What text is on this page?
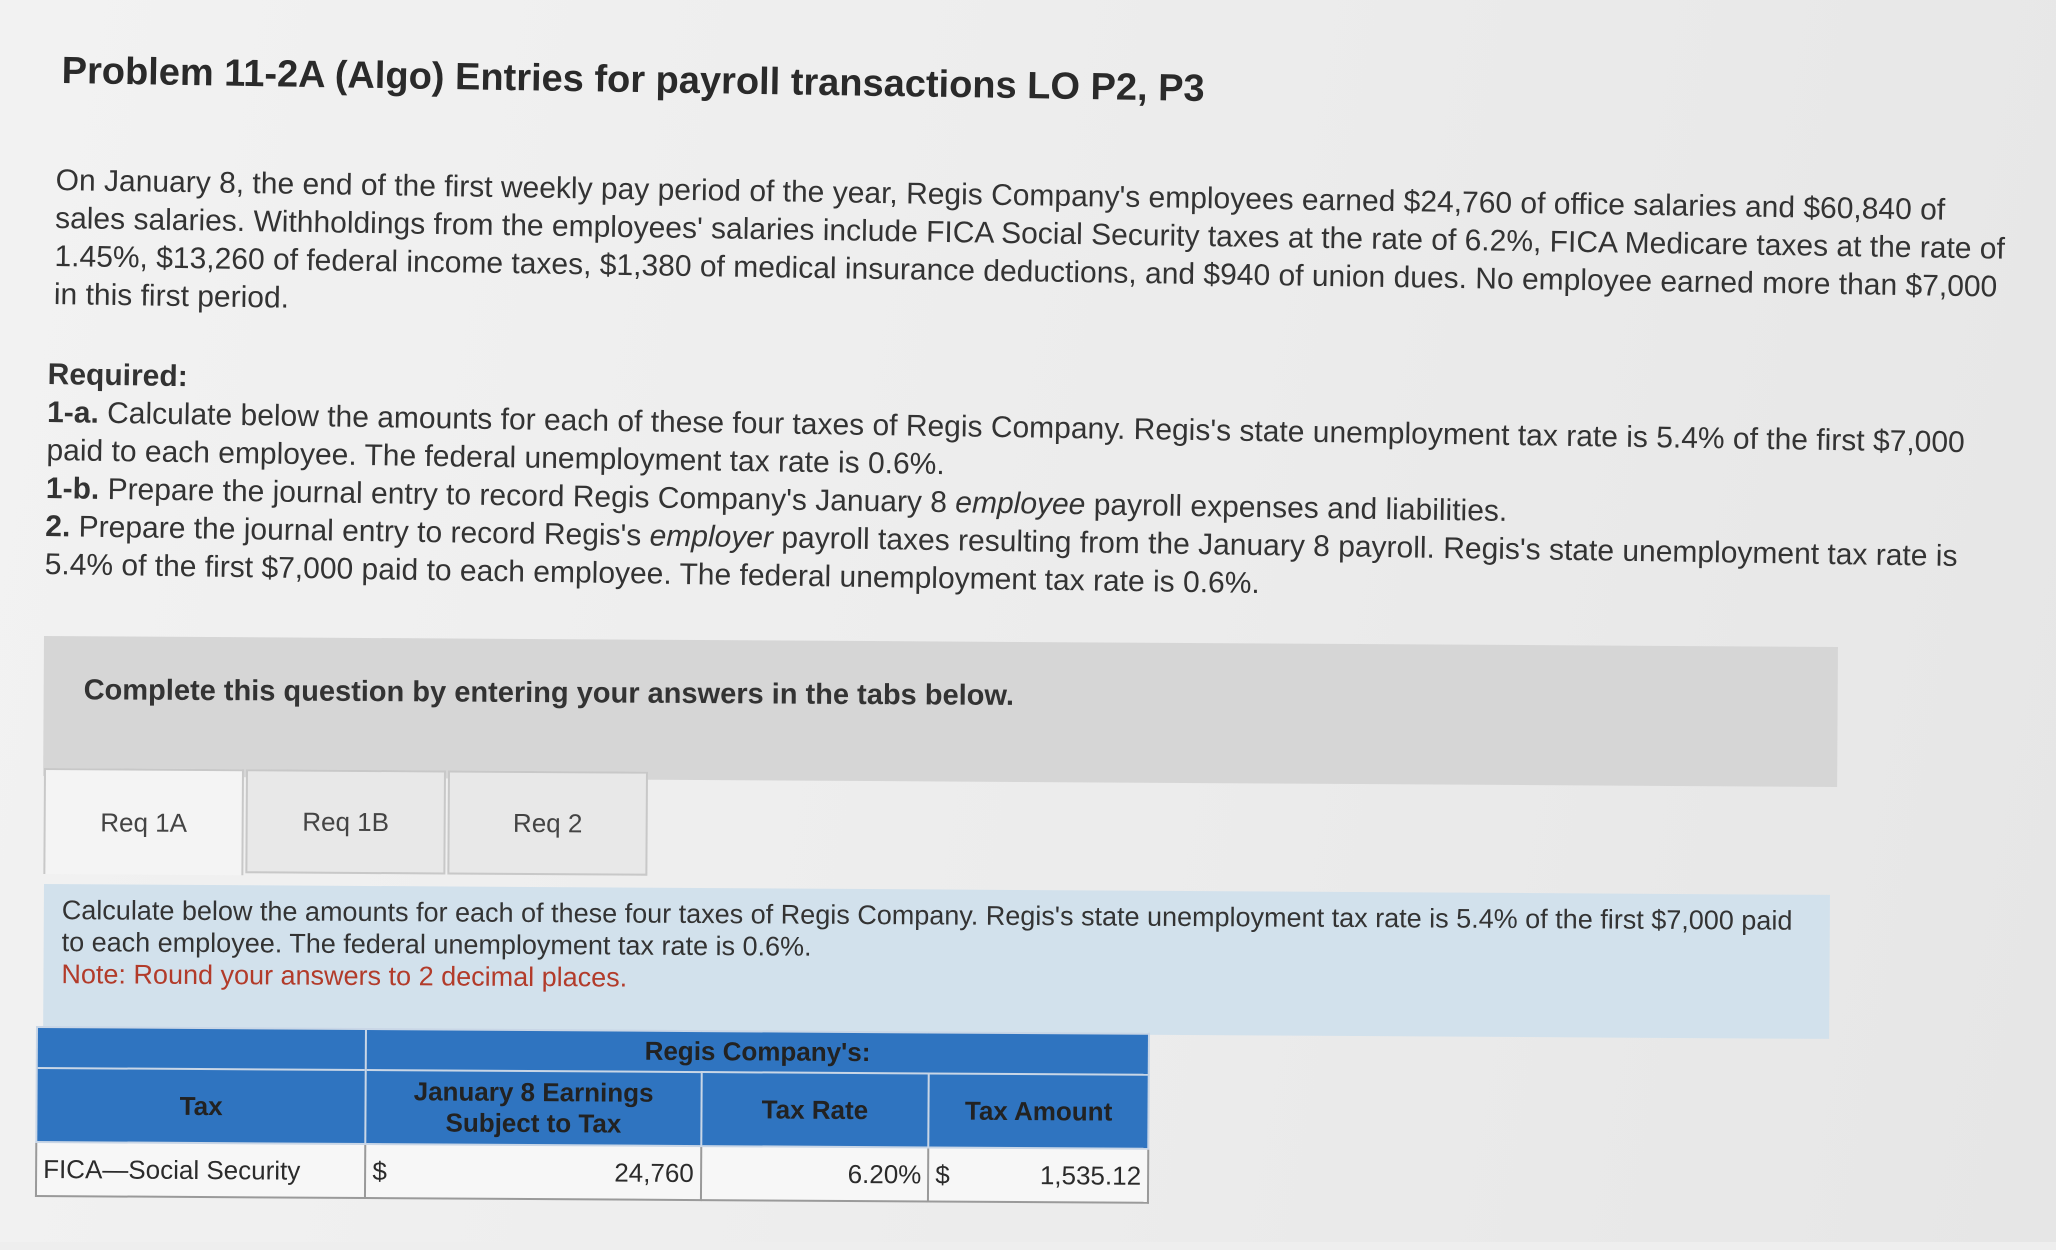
Problem 11-2A (Algo) Entries for payroll transactions LO P2, P3
On January 8, the end of the first weekly pay period of the year, Regis Company's employees earned $24,760 of office salaries and $60,840 of sales salaries. Withholdings from the employees' salaries include FICA Social Security taxes at the rate of 6.2%, FICA Medicare taxes at the rate of 1.45%, $13,260 of federal income taxes, $1,380 of medical insurance deductions, and $940 of union dues. No employee earned more than $7,000 in this first period.
Required:
1-a. Calculate below the amounts for each of these four taxes of Regis Company. Regis's state unemployment tax rate is 5.4% of the first $7,000 paid to each employee. The federal unemployment tax rate is 0.6%.
1-b. Prepare the journal entry to record Regis Company's January 8 employee payroll expenses and liabilities.
2. Prepare the journal entry to record Regis's employer payroll taxes resulting from the January 8 payroll. Regis's state unemployment tax rate is 5.4% of the first $7,000 paid to each employee. The federal unemployment tax rate is 0.6%.
Complete this question by entering your answers in the tabs below.
Req 1A	Req 1B	Req 2
Calculate below the amounts for each of these four taxes of Regis Company. Regis's state unemployment tax rate is 5.4% of the first $7,000 paid to each employee. The federal unemployment tax rate is 0.6%.
Note: Round your answers to 2 decimal places.
	Regis Company's:		
Tax	January 8 Earnings Subject to Tax	Tax Rate	Tax Amount
FICA—Social Security	$ 24,760	6.20%	$ 1,535.12
